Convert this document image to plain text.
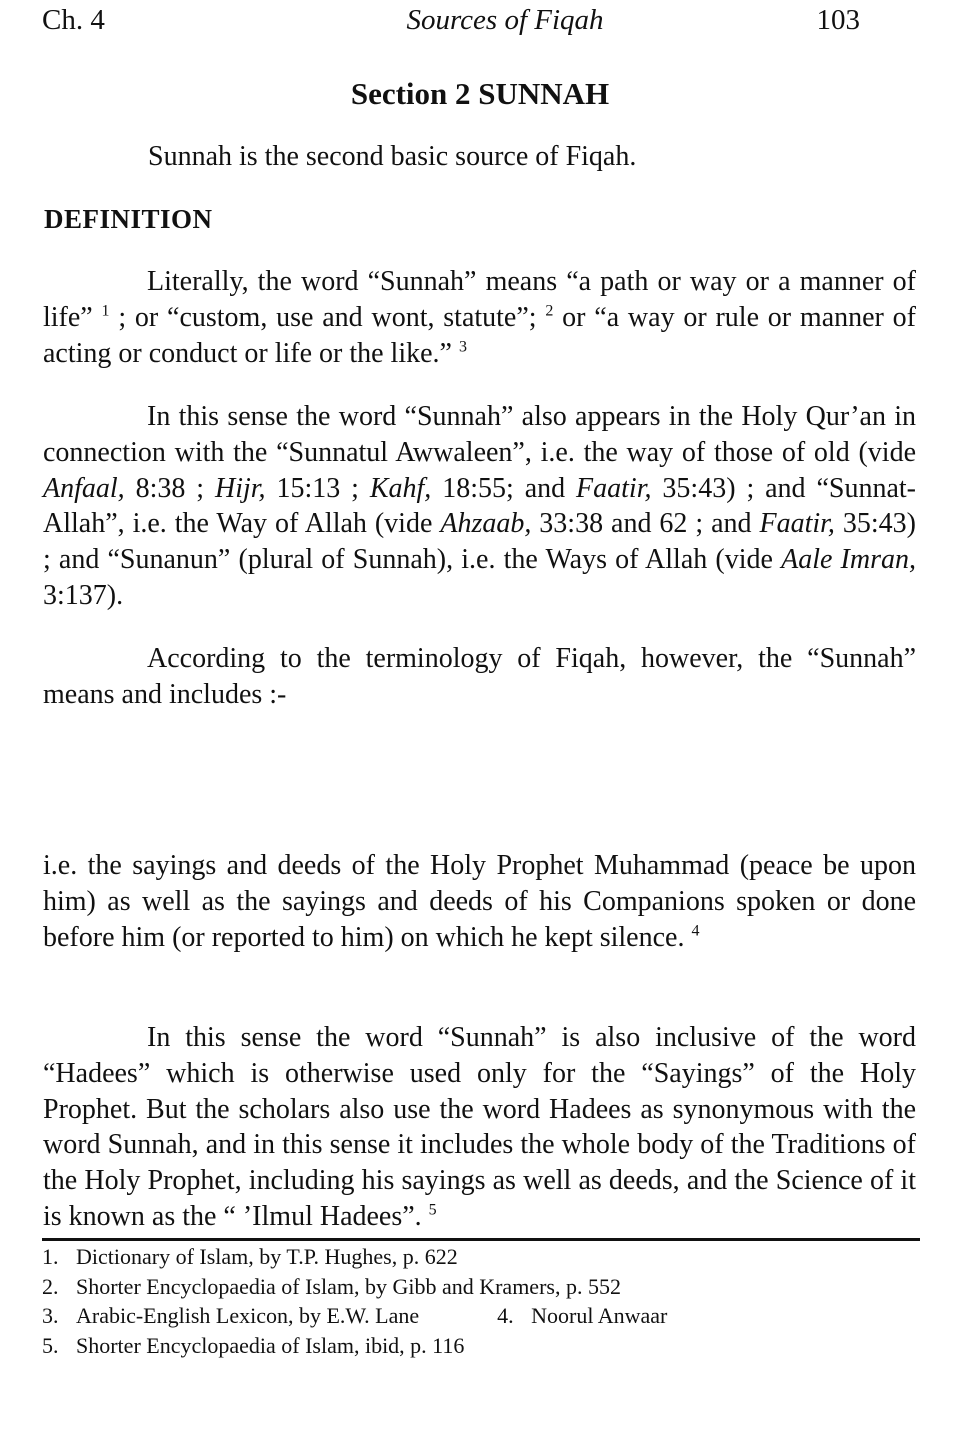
Ch. 4	Sources of Fiqah	103
Section 2 SUNNAH
Sunnah is the second basic source of Fiqah.
DEFINITION
Literally, the word “Sunnah” means “a path or way or a manner of life” $^1$ ; or “custom, use and wont, statute”; $^2$ or “a way or rule or manner of acting or conduct or life or the like.” $^3$
In this sense the word “Sunnah” also appears in the Holy Qur’an in connection with the “Sunnatul Awwaleen”, i.e. the way of those of old (vide Anfaal, 8:38 ; Hijr, 15:13 ; Kahf, 18:55; and Faatir, 35:43) ; and “Sunnat-Allah”, i.e. the Way of Allah (vide Ahzaab, 33:38 and 62 ; and Faatir, 35:43) ; and “Sunanun” (plural of Sunnah), i.e. the Ways of Allah (vide Aale Imran, 3:137).
According to the terminology of Fiqah, however, the “Sunnah” means and includes :-
i.e. the sayings and deeds of the Holy Prophet Muhammad (peace be upon him) as well as the sayings and deeds of his Companions spoken or done before him (or reported to him) on which he kept silence. $^4$
In this sense the word “Sunnah” is also inclusive of the word “Hadees” which is otherwise used only for the “Sayings” of the Holy Prophet. But the scholars also use the word Hadees as synonymous with the word Sunnah, and in this sense it includes the whole body of the Traditions of the Holy Prophet, including his sayings as well as deeds, and the Science of it is known as the “ ’Ilmul Hadees”. $^5$
1. Dictionary of Islam, by T.P. Hughes, p. 622
2. Shorter Encyclopaedia of Islam, by Gibb and Kramers, p. 552
3. Arabic-English Lexicon, by E.W. Lane	4. Noorul Anwaar
5. Shorter Encyclopaedia of Islam, ibid, p. 116
